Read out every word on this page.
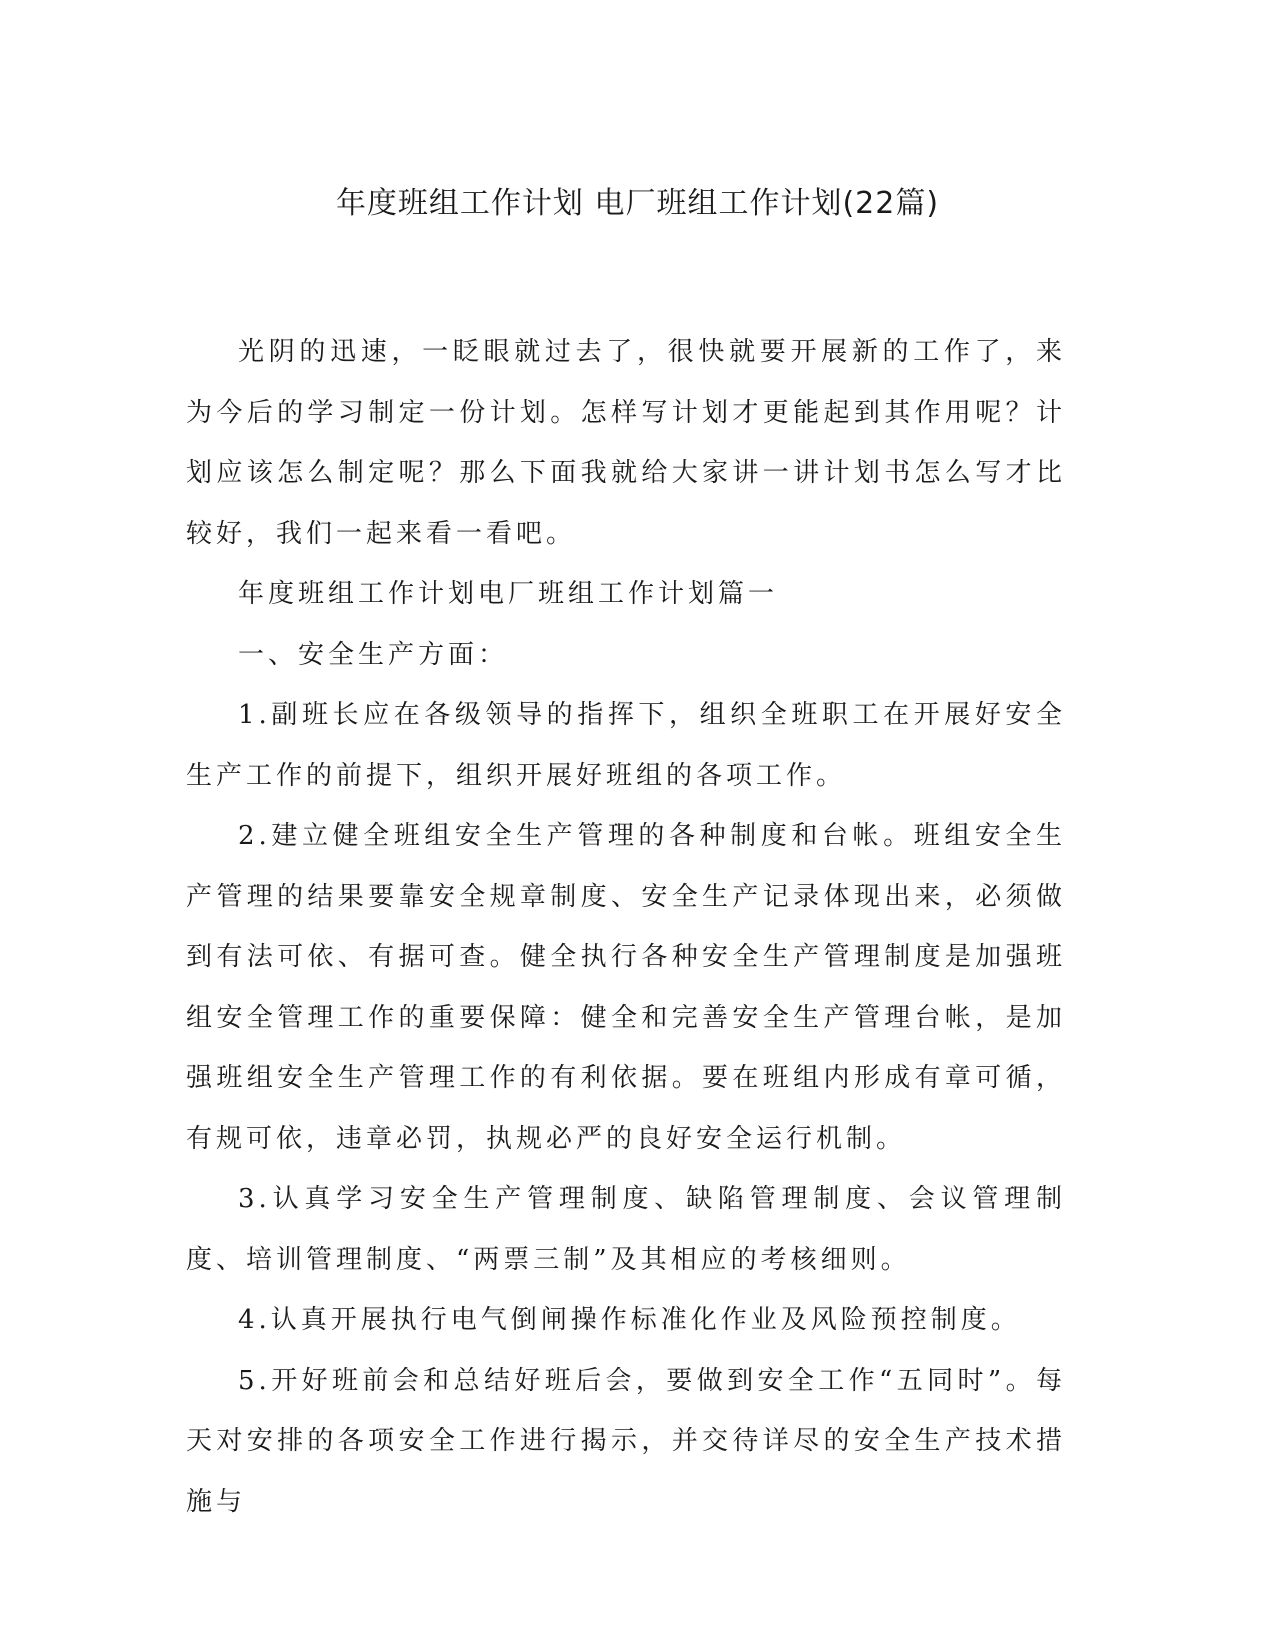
年度班组工作计划 电厂班组工作计划(22篇)

光阴的迅速，一眨眼就过去了，很快就要开展新的工作了，来为今后的学习制定一份计划。怎样写计划才更能起到其作用呢？计划应该怎么制定呢？那么下面我就给大家讲一讲计划书怎么写才比较好，我们一起来看一看吧。

年度班组工作计划电厂班组工作计划篇一

一、安全生产方面：

1.副班长应在各级领导的指挥下，组织全班职工在开展好安全生产工作的前提下，组织开展好班组的各项工作。

2.建立健全班组安全生产管理的各种制度和台帐。班组安全生产管理的结果要靠安全规章制度、安全生产记录体现出来，必须做到有法可依、有据可查。健全执行各种安全生产管理制度是加强班组安全管理工作的重要保障：健全和完善安全生产管理台帐，是加强班组安全生产管理工作的有利依据。要在班组内形成有章可循，有规可依，违章必罚，执规必严的良好安全运行机制。

3.认真学习安全生产管理制度、缺陷管理制度、会议管理制度、培训管理制度、“两票三制”及其相应的考核细则。

4.认真开展执行电气倒闸操作标准化作业及风险预控制度。

5.开好班前会和总结好班后会，要做到安全工作“五同时”。每天对安排的各项安全工作进行揭示，并交待详尽的安全生产技术措施与
